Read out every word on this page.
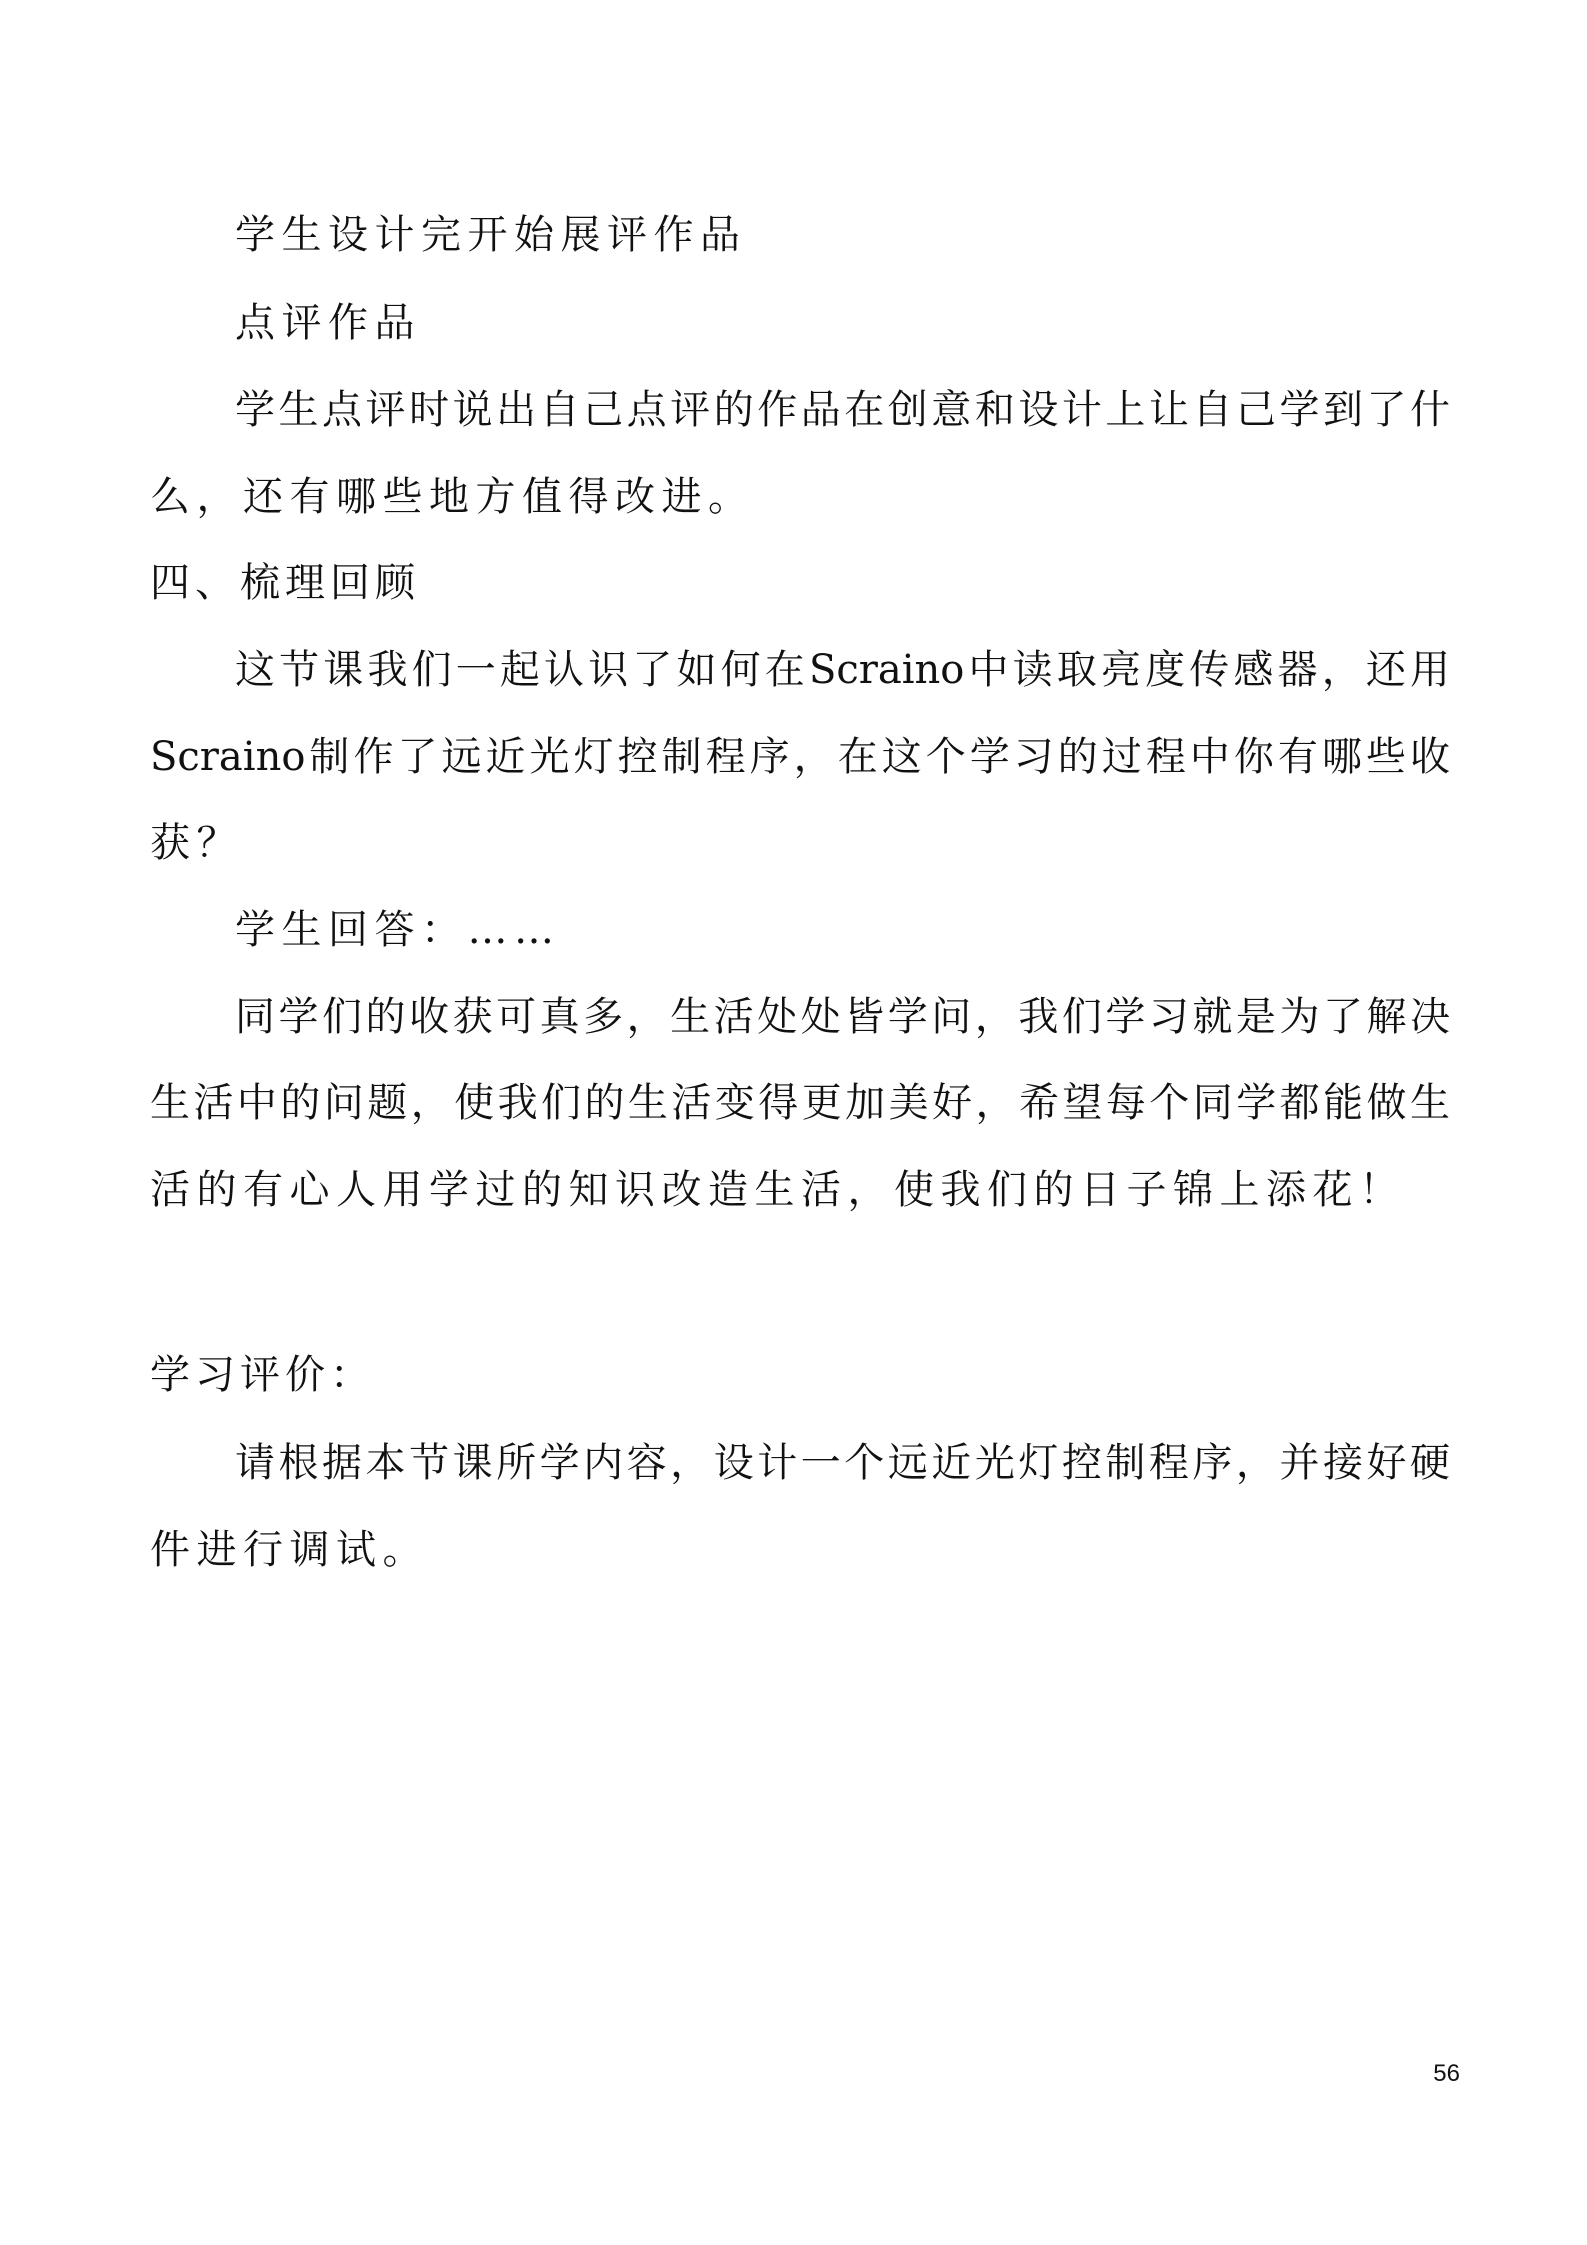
学生设计完开始展评作品
点评作品
学生点评时说出自己点评的作品在创意和设计上让自己学到了什
么，还有哪些地方值得改进。
四、梳理回顾
这节课我们一起认识了如何在Scraino中读取亮度传感器，还用
Scraino制作了远近光灯控制程序，在这个学习的过程中你有哪些收
获？
学生回答：……
同学们的收获可真多，生活处处皆学问，我们学习就是为了解决
生活中的问题，使我们的生活变得更加美好，希望每个同学都能做生
活的有心人用学过的知识改造生活，使我们的日子锦上添花！
学习评价：
请根据本节课所学内容，设计一个远近光灯控制程序，并接好硬
件进行调试。
56
